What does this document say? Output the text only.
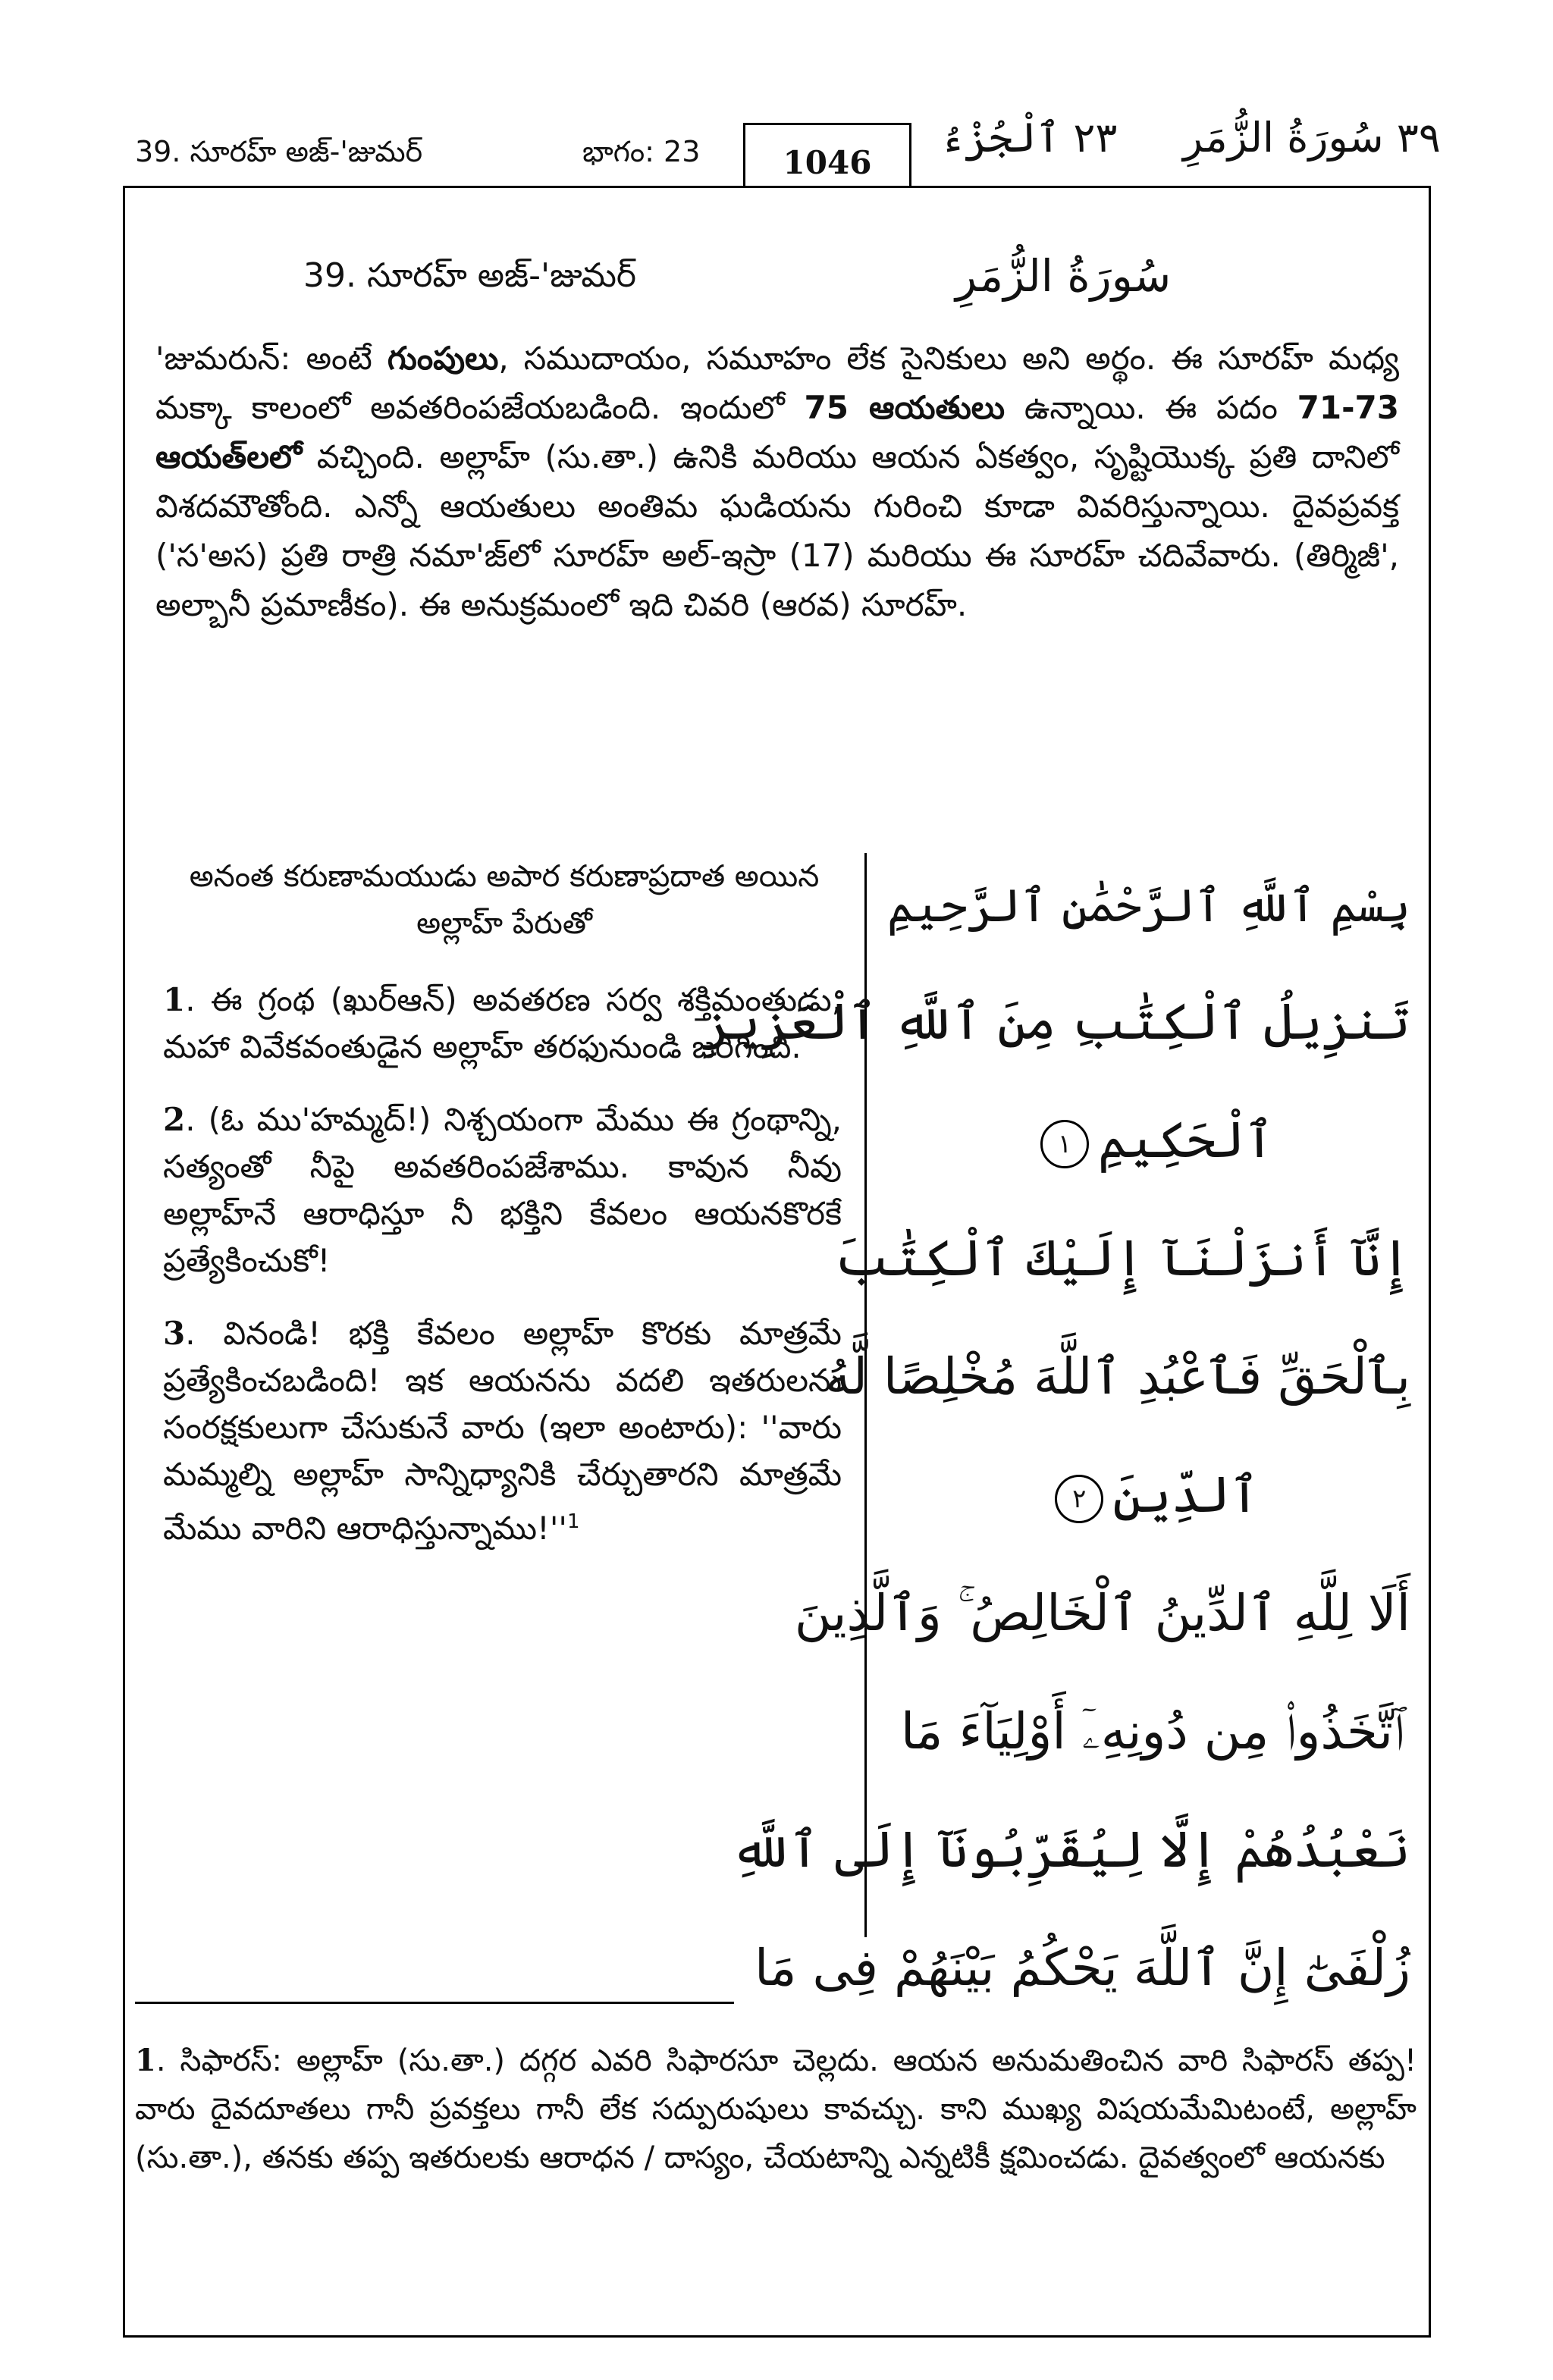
39. సూరహ్ అజ్-'జుమర్	భాగం: 23	1046
٢٣ ٱلْجُزْءُ ٣٩ سُورَةُ الزُّمَرِ
39. సూరహ్ అజ్-'జుమర్	سُورَةُ الزُّمَرِ
'జుమరున్: అంటే గుంపులు, సముదాయం, సమూహం లేక సైనికులు అని అర్థం. ఈ సూరహ్ మధ్య మక్కా కాలంలో అవతరింపజేయబడింది. ఇందులో 75 ఆయతులు ఉన్నాయి. ఈ పదం 71-73 ఆయత్‌లలో వచ్చింది. అల్లాహ్ (సు.తా.) ఉనికి మరియు ఆయన ఏకత్వం, సృష్టియొక్క ప్రతి దానిలో విశదమౌతోంది. ఎన్నో ఆయతులు అంతిమ ఘడియను గురించి కూడా వివరిస్తున్నాయి. దైవప్రవక్త ('స'అస) ప్రతి రాత్రి నమా'జ్‌లో సూరహ్ అల్-ఇస్రా (17) మరియు ఈ సూరహ్ చదివేవారు. (తిర్మిజీ', అల్బానీ ప్రమాణీకం). ఈ అనుక్రమంలో ఇది చివరి (ఆరవ) సూరహ్.
అనంత కరుణామయుడు అపార కరుణాప్రదాత అయిన అల్లాహ్ పేరుతో
1. ఈ గ్రంథ (ఖుర్ఆన్) అవతరణ సర్వ శక్తిమంతుడు, మహా వివేకవంతుడైన అల్లాహ్ తరఫునుండి జరిగింది.
2. (ఓ ము'హమ్మద్!) నిశ్చయంగా మేము ఈ గ్రంథాన్ని, సత్యంతో నీపై అవతరింపజేశాము. కావున నీవు అల్లాహ్‌నే ఆరాధిస్తూ నీ భక్తిని కేవలం ఆయనకొరకే ప్రత్యేకించుకో!
3. వినండి! భక్తి కేవలం అల్లాహ్ కొరకు మాత్రమే ప్రత్యేకించబడింది! ఇక ఆయనను వదలి ఇతరులను సంరక్షకులుగా చేసుకునే వారు (ఇలా అంటారు): ''వారు మమ్మల్ని అల్లాహ్ సాన్నిధ్యానికి చేర్చుతారని మాత్రమే మేము వారిని $ఆరాధిస్తున్నాము!''^1$
بِسْمِ ٱللَّهِ ٱلرَّحْمَٰنِ ٱلرَّحِيمِ
تَنزِيلُ ٱلْكِتَٰبِ مِنَ ٱللَّهِ ٱلْعَزِيزِ
ٱلْحَكِيمِ١
إِنَّآ أَنزَلْنَآ إِلَيْكَ ٱلْكِتَٰبَ
بِٱلْحَقِّ فَٱعْبُدِ ٱللَّهَ مُخْلِصًا لَّهُ
ٱلدِّينَ٢
أَلَا لِلَّهِ ٱلدِّينُ ٱلْخَالِصُ ۚ وَٱلَّذِينَ
ٱتَّخَذُوا۟ مِن دُونِهِۦٓ أَوْلِيَآءَ مَا
نَعْبُدُهُمْ إِلَّا لِيُقَرِّبُونَآ إِلَى ٱللَّهِ
زُلْفَىٰٓ إِنَّ ٱللَّهَ يَحْكُمُ بَيْنَهُمْ فِى مَا
1. సిఫారస్: అల్లాహ్ (సు.తా.) దగ్గర ఎవరి సిఫారసూ చెల్లదు. ఆయన అనుమతించిన వారి సిఫారస్ తప్ప! వారు దైవదూతలు గానీ ప్రవక్తలు గానీ లేక సద్పురుషులు కావచ్చు. కాని ముఖ్య విషయమేమిటంటే, అల్లాహ్ (సు.తా.), తనకు తప్ప ఇతరులకు ఆరాధన / దాస్యం, చేయటాన్ని ఎన్నటికీ క్షమించడు. దైవత్వంలో ఆయనకు
